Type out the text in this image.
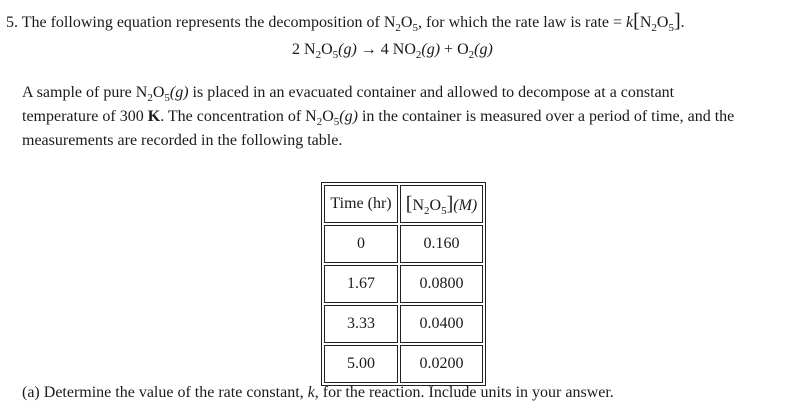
5. The following equation represents the decomposition of $N_2O_5$, for which the rate law is rate = $k[N_2O_5]$.
2 $N_2O_5(g) \to 4$ $NO_2(g) + O_2(g)$
A sample of pure $N_2O_5(g)$ is placed in an evacuated container and allowed to decompose at a constant
temperature of 300 K. The concentration of $N_2O_5(g)$ in the container is measured over a period of time, and the
measurements are recorded in the following table.
Time (hr)	$[N_2O_5](M)$
0	0.160
1.67	0.0800
3.33	0.0400
5.00	0.0200
(a) Determine the value of the rate constant, k, for the reaction. Include units in your answer.
